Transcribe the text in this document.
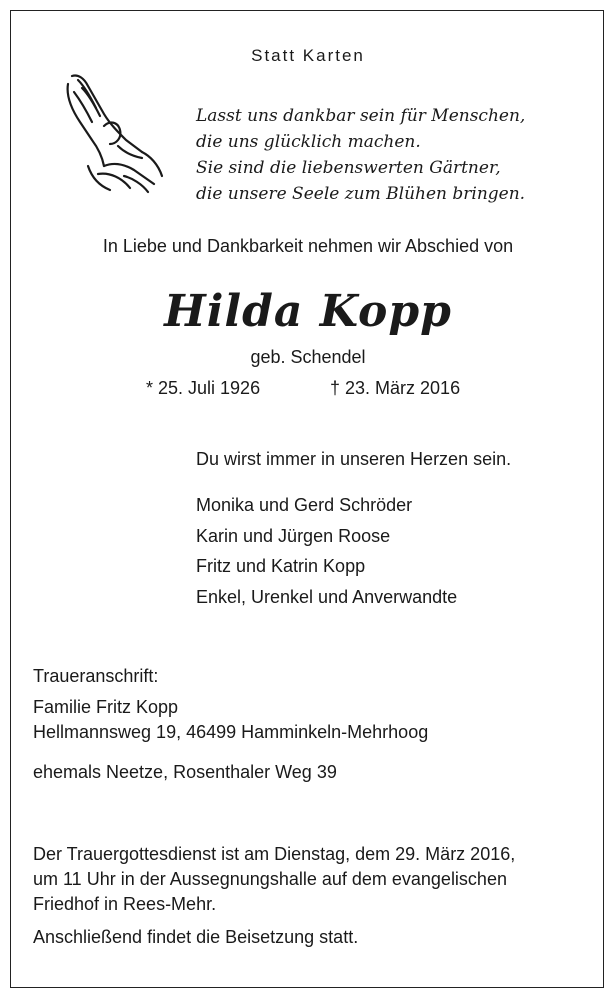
Statt Karten
Lasst uns dankbar sein für Menschen,
die uns glücklich machen.
Sie sind die liebenswerten Gärtner,
die unsere Seele zum Blühen bringen.
In Liebe und Dankbarkeit nehmen wir Abschied von
Hilda Kopp
geb. Schendel
* 25. Juli 1926	† 23. März 2016
Du wirst immer in unseren Herzen sein.
Monika und Gerd Schröder
Karin und Jürgen Roose
Fritz und Katrin Kopp
Enkel, Urenkel und Anverwandte
Traueranschrift:
Familie Fritz Kopp
Hellmannsweg 19, 46499 Hamminkeln-Mehrhoog
ehemals Neetze, Rosenthaler Weg 39
Der Trauergottesdienst ist am Dienstag, dem 29. März 2016,
um 11 Uhr in der Aussegnungshalle auf dem evangelischen
Friedhof in Rees-Mehr.
Anschließend findet die Beisetzung statt.
